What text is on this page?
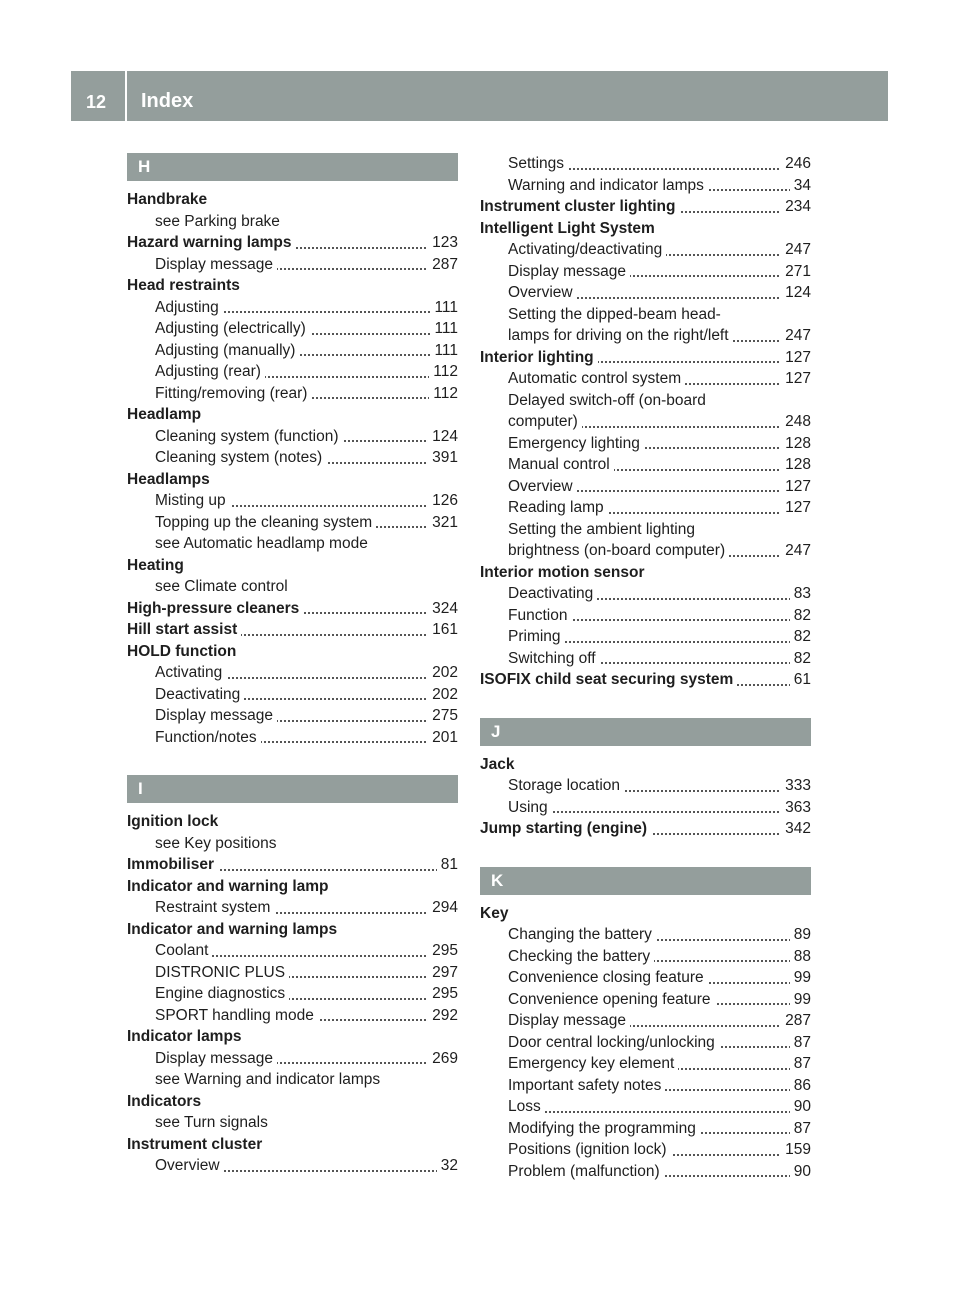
12 Index
H
Handbrake
see Parking brake
Hazard warning lamps	123
Display message	287
Head restraints
Adjusting	111
Adjusting (electrically)	111
Adjusting (manually)	111
Adjusting (rear)	112
Fitting/removing (rear)	112
Headlamp
Cleaning system (function)	124
Cleaning system (notes)	391
Headlamps
Misting up	126
Topping up the cleaning system	321
see Automatic headlamp mode
Heating
see Climate control
High-pressure cleaners	324
Hill start assist	161
HOLD function
Activating	202
Deactivating	202
Display message	275
Function/notes	201
I
Ignition lock
see Key positions
Immobiliser	81
Indicator and warning lamp
Restraint system	294
Indicator and warning lamps
Coolant	295
DISTRONIC PLUS	297
Engine diagnostics	295
SPORT handling mode	292
Indicator lamps
Display message	269
see Warning and indicator lamps
Indicators
see Turn signals
Instrument cluster
Overview	32
Settings	246
Warning and indicator lamps	34
Instrument cluster lighting	234
Intelligent Light System
Activating/deactivating	247
Display message	271
Overview	124
Setting the dipped-beam head-
lamps for driving on the right/left	247
Interior lighting	127
Automatic control system	127
Delayed switch-off (on-board
computer)	248
Emergency lighting	128
Manual control	128
Overview	127
Reading lamp	127
Setting the ambient lighting
brightness (on-board computer)	247
Interior motion sensor
Deactivating	83
Function	82
Priming	82
Switching off	82
ISOFIX child seat securing system	61
J
Jack
Storage location	333
Using	363
Jump starting (engine)	342
K
Key
Changing the battery	89
Checking the battery	88
Convenience closing feature	99
Convenience opening feature	99
Display message	287
Door central locking/unlocking	87
Emergency key element	87
Important safety notes	86
Loss	90
Modifying the programming	87
Positions (ignition lock)	159
Problem (malfunction)	90
